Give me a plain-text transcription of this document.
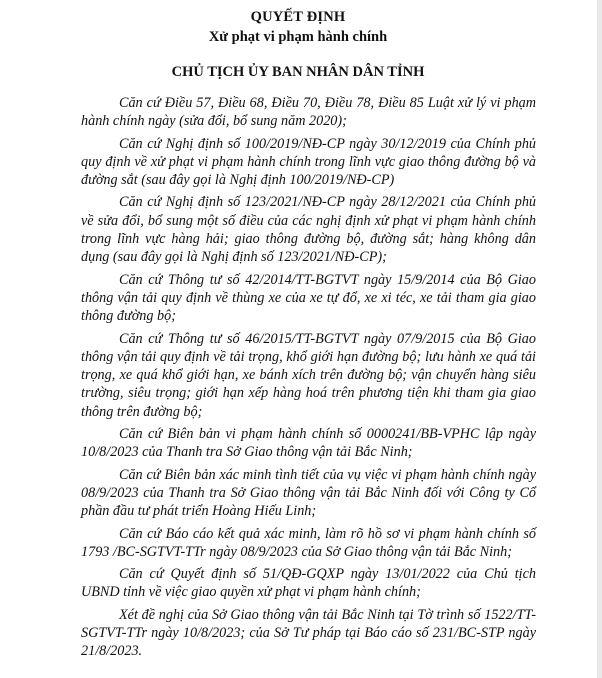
QUYẾT ĐỊNH
Xử phạt vi phạm hành chính
CHỦ TỊCH ỦY BAN NHÂN DÂN TỈNH

Căn cứ Điều 57, Điều 68, Điều 70, Điều 78, Điều 85 Luật xử lý vi phạm hành chính ngày (sửa đổi, bổ sung năm 2020);

Căn cứ Nghị định số 100/2019/NĐ-CP ngày 30/12/2019 của Chính phủ quy định về xử phạt vi phạm hành chính trong lĩnh vực giao thông đường bộ và đường sắt (sau đây gọi là Nghị định 100/2019/NĐ-CP)

Căn cứ Nghị định số 123/2021/NĐ-CP ngày 28/12/2021 của Chính phủ về sửa đổi, bổ sung một số điều của các nghị định xử phạt vi phạm hành chính trong lĩnh vực hàng hải; giao thông đường bộ, đường sắt; hàng không dân dụng (sau đây gọi là Nghị định số 123/2021/NĐ-CP);

Căn cứ Thông tư số 42/2014/TT-BGTVT ngày 15/9/2014 của Bộ Giao thông vận tải quy định về thùng xe của xe tự đổ, xe xi téc, xe tải tham gia giao thông đường bộ;

Căn cứ Thông tư số 46/2015/TT-BGTVT ngày 07/9/2015 của Bộ Giao thông vận tải quy định về tải trọng, khổ giới hạn đường bộ; lưu hành xe quá tải trọng, xe quá khổ giới hạn, xe bánh xích trên đường bộ; vận chuyển hàng siêu trường, siêu trọng; giới hạn xếp hàng hoá trên phương tiện khi tham gia giao thông trên đường bộ;

Căn cứ Biên bản vi phạm hành chính số 0000241/BB-VPHC lập ngày 10/8/2023 của Thanh tra Sở Giao thông vận tải Bắc Ninh;

Căn cứ Biên bản xác minh tình tiết của vụ việc vi phạm hành chính ngày 08/9/2023 của Thanh tra Sở Giao thông vận tải Bắc Ninh đối với Công ty Cổ phần đầu tư phát triển Hoàng Hiếu Linh;

Căn cứ Báo cáo kết quả xác minh, làm rõ hồ sơ vi phạm hành chính số 1793 /BC-SGTVT-TTr ngày 08/9/2023 của Sở Giao thông vận tải Bắc Ninh;

Căn cứ Quyết định số 51/QĐ-GQXP ngày 13/01/2022 của Chủ tịch UBND tỉnh về việc giao quyền xử phạt vi phạm hành chính;

Xét đề nghị của Sở Giao thông vận tải Bắc Ninh tại Tờ trình số 1522/TT-SGTVT-TTr ngày 10/8/2023; của Sở Tư pháp tại Báo cáo số 231/BC-STP ngày 21/8/2023.
